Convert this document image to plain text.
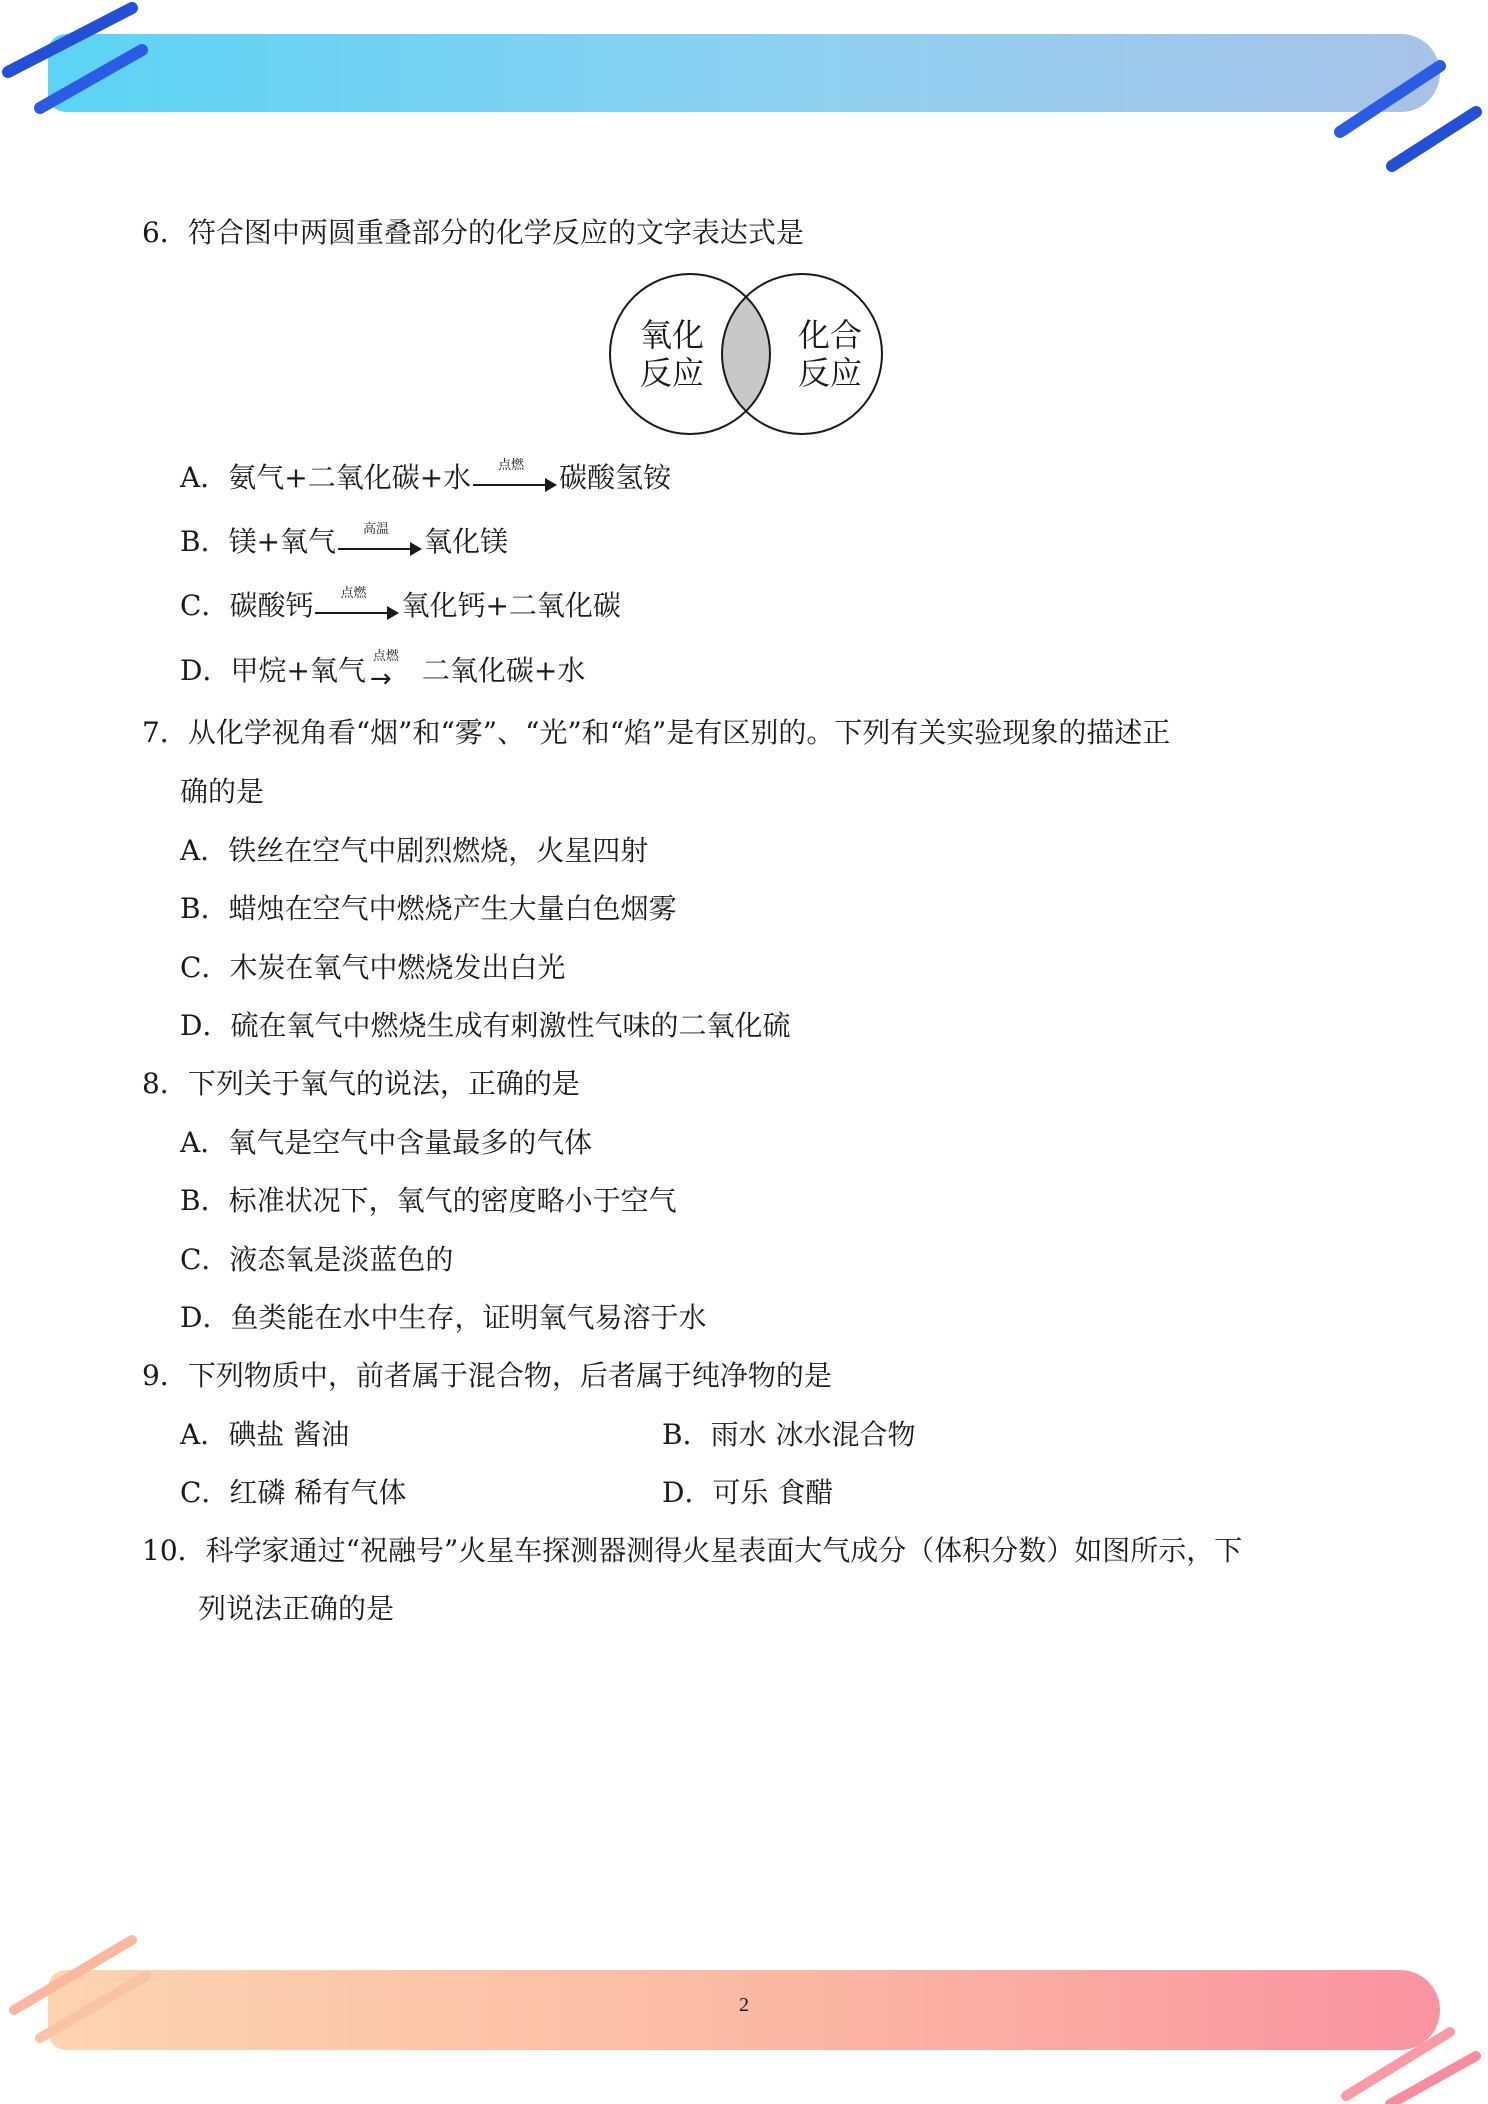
2
6．符合图中两圆重叠部分的化学反应的文字表达式是
氧化
反应
化合
反应
A．氨气+二氧化碳+水	点燃	碳酸氢铵
B．镁+氧气	高温	氧化镁
C．碳酸钙	点燃	氧化钙+二氧化碳
D．甲烷+氧气 点燃
→ 二氧化碳+水
7．从化学视角看“烟”和“雾”、“光”和“焰”是有区别的。下列有关实验现象的描述正
确的是
A．铁丝在空气中剧烈燃烧，火星四射
B．蜡烛在空气中燃烧产生大量白色烟雾
C．木炭在氧气中燃烧发出白光
D．硫在氧气中燃烧生成有刺激性气味的二氧化硫
8．下列关于氧气的说法，正确的是
A．氧气是空气中含量最多的气体
B．标准状况下，氧气的密度略小于空气
C．液态氧是淡蓝色的
D．鱼类能在水中生存，证明氧气易溶于水
9．下列物质中，前者属于混合物，后者属于纯净物的是
A．碘盐 酱油	B．雨水 冰水混合物
C．红磷 稀有气体	D．可乐 食醋
10．科学家通过“祝融号”火星车探测器测得火星表面大气成分（体积分数）如图所示，下
列说法正确的是
